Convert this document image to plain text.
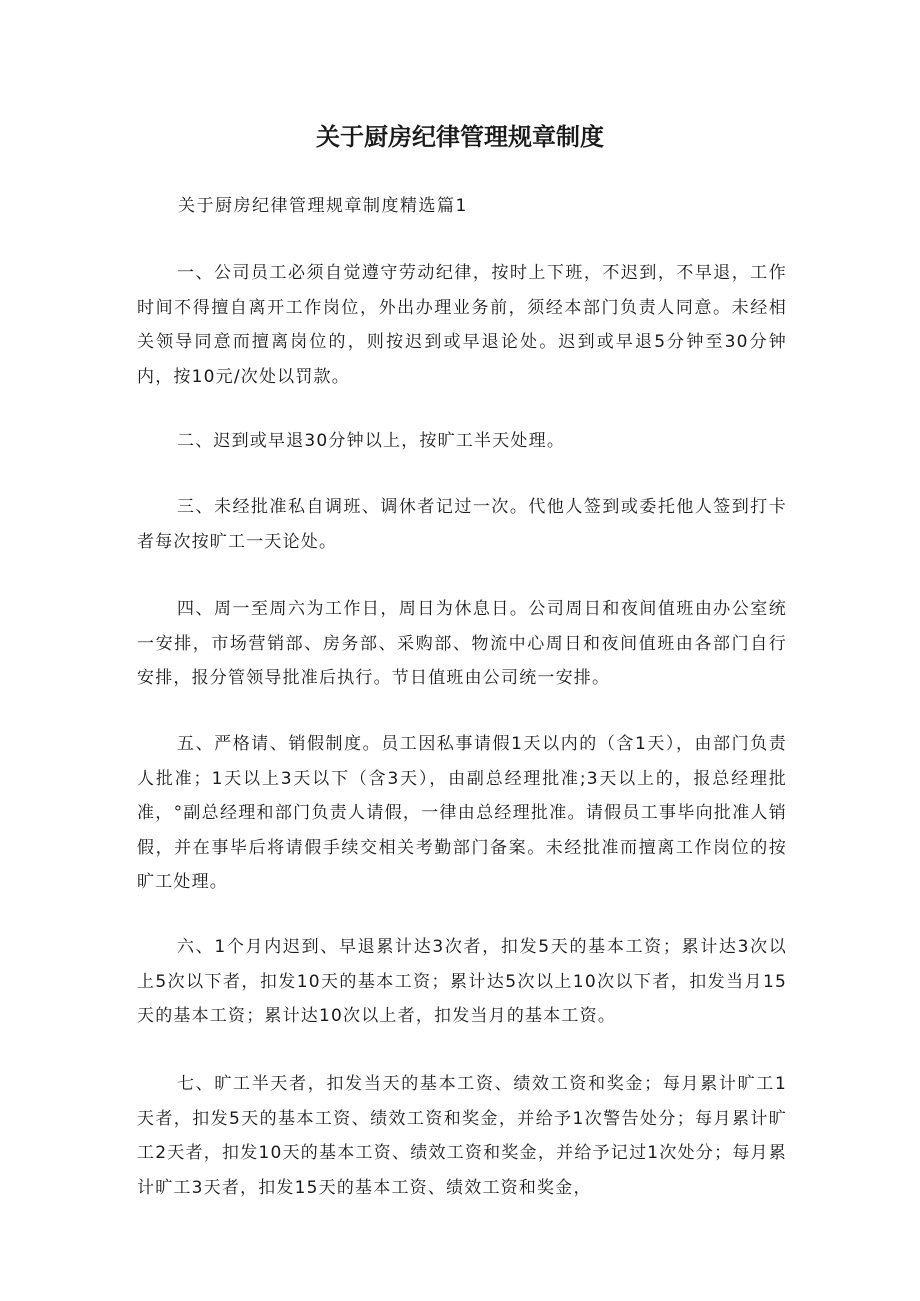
关于厨房纪律管理规章制度

关于厨房纪律管理规章制度精选篇1

一、公司员工必须自觉遵守劳动纪律，按时上下班，不迟到，不早退，工作时间不得擅自离开工作岗位，外出办理业务前，须经本部门负责人同意。未经相关领导同意而擅离岗位的，则按迟到或早退论处。迟到或早退5分钟至30分钟内，按10元/次处以罚款。

二、迟到或早退30分钟以上，按旷工半天处理。

三、未经批准私自调班、调休者记过一次。代他人签到或委托他人签到打卡者每次按旷工一天论处。

四、周一至周六为工作日，周日为休息日。公司周日和夜间值班由办公室统一安排，市场营销部、房务部、采购部、物流中心周日和夜间值班由各部门自行安排，报分管领导批准后执行。节日值班由公司统一安排。

五、严格请、销假制度。员工因私事请假1天以内的（含1天），由部门负责人批准；1天以上3天以下（含3天），由副总经理批准;3天以上的，报总经理批准，°副总经理和部门负责人请假，一律由总经理批准。请假员工事毕向批准人销假，并在事毕后将请假手续交相关考勤部门备案。未经批准而擅离工作岗位的按旷工处理。

六、1个月内迟到、早退累计达3次者，扣发5天的基本工资；累计达3次以上5次以下者，扣发10天的基本工资；累计达5次以上10次以下者，扣发当月15天的基本工资；累计达10次以上者，扣发当月的基本工资。

七、旷工半天者，扣发当天的基本工资、绩效工资和奖金；每月累计旷工1天者，扣发5天的基本工资、绩效工资和奖金，并给予1次警告处分；每月累计旷工2天者，扣发10天的基本工资、绩效工资和奖金，并给予记过1次处分；每月累计旷工3天者，扣发15天的基本工资、绩效工资和奖金，
